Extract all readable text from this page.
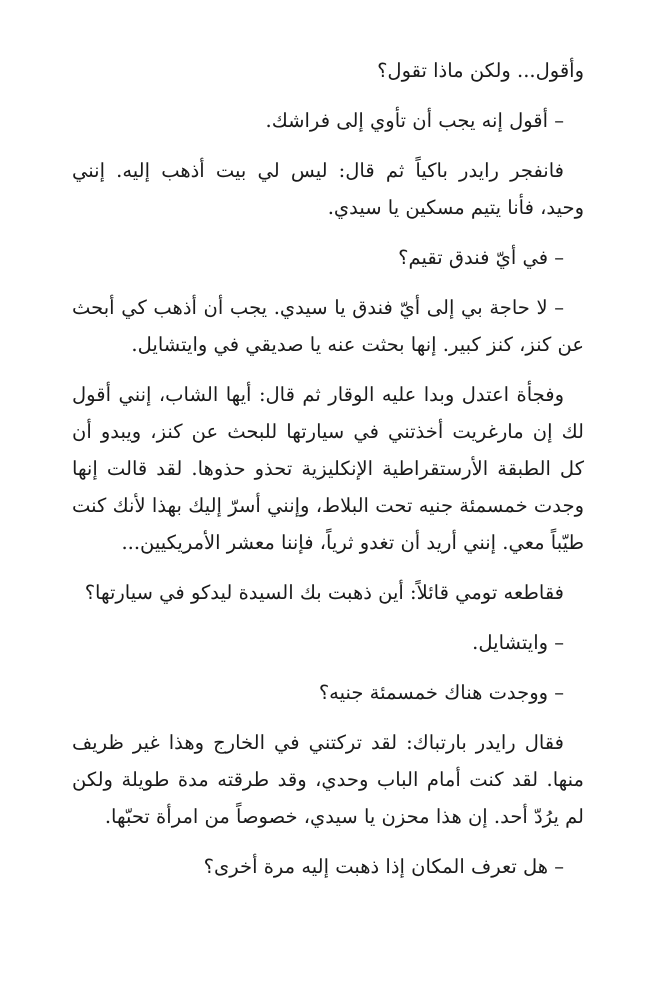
وأقول... ولكن ماذا تقول؟

– أقول إنه يجب أن تأوي إلى فراشك.

فانفجر رايدر باكياً ثم قال: ليس لي بيت أذهب إليه. إنني وحيد، فأنا يتيم مسكين يا سيدي.

– في أيّ فندق تقيم؟

– لا حاجة بي إلى أيّ فندق يا سيدي. يجب أن أذهب كي أبحث عن كنز، كنز كبير. إنها بحثت عنه يا صديقي في وايتشايل.

وفجأة اعتدل وبدا عليه الوقار ثم قال: أيها الشاب، إنني أقول لك إن مارغريت أخذتني في سيارتها للبحث عن كنز، ويبدو أن كل الطبقة الأرستقراطية الإنكليزية تحذو حذوها. لقد قالت إنها وجدت خمسمئة جنيه تحت البلاط، وإنني أسرّ إليك بهذا لأنك كنت طيّباً معي. إنني أريد أن تغدو ثرياً، فإننا معشر الأمريكيين...

فقاطعه تومي قائلاً: أين ذهبت بك السيدة ليدكو في سيارتها؟

– وايتشايل.

– ووجدت هناك خمسمئة جنيه؟

فقال رايدر بارتباك: لقد تركتني في الخارج وهذا غير ظريف منها. لقد كنت أمام الباب وحدي، وقد طرقته مدة طويلة ولكن لم يرُدّ أحد. إن هذا محزن يا سيدي، خصوصاً من امرأة تحبّها.

– هل تعرف المكان إذا ذهبت إليه مرة أخرى؟
